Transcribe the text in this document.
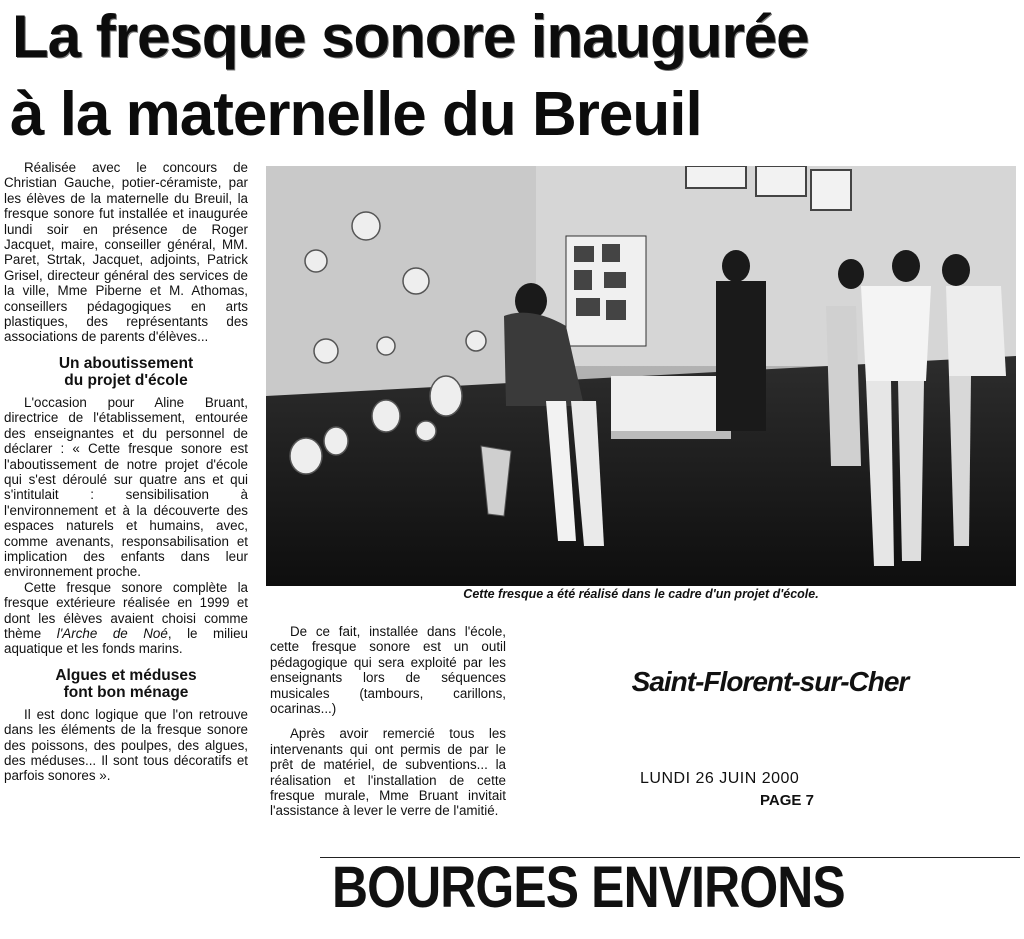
La fresque sonore inaugurée
à la maternelle du Breuil

Réalisée avec le concours de Christian Gauche, potier-céramiste, par les élèves de la maternelle du Breuil, la fresque sonore fut installée et inaugurée lundi soir en présence de Roger Jacquet, maire, conseiller général, MM. Paret, Strtak, Jacquet, adjoints, Patrick Grisel, directeur général des services de la ville, Mme Piberne et M. Athomas, conseillers pédagogiques en arts plastiques, des représentants des associations de parents d'élèves...

Un aboutissement

du projet d'école

L'occasion pour Aline Bruant, directrice de l'établissement, entourée des enseignantes et du personnel de déclarer : « Cette fresque sonore est l'aboutissement de notre projet d'école qui s'est déroulé sur quatre ans et qui s'intitulait : sensibilisation à l'environnement et à la découverte des espaces naturels et humains, avec, comme avenants, responsabilisation et implication des enfants dans leur environnement proche.

Cette fresque sonore complète la fresque extérieure réalisée en 1999 et dont les élèves avaient choisi comme thème l'Arche de Noé, le milieu aquatique et les fonds marins.

Algues et méduses

font bon ménage

Il est donc logique que l'on retrouve dans les éléments de la fresque sonore des poissons, des poulpes, des algues, des méduses... Il sont tous décoratifs et parfois sonores ».

Cette fresque a été réalisé dans le cadre d'un projet d'école.

De ce fait, installée dans l'école, cette fresque sonore est un outil pédagogique qui sera exploité par les enseignants lors de séquences musicales (tambours, carillons, ocarinas...)

Après avoir remercié tous les intervenants qui ont permis de par le prêt de matériel, de subventions... la réalisation et l'installation de cette fresque murale, Mme Bruant invitait l'assistance à lever le verre de l'amitié.

Saint-Florent-sur-Cher

LUNDI 26 JUIN 2000

PAGE 7

BOURGES ENVIRONS
